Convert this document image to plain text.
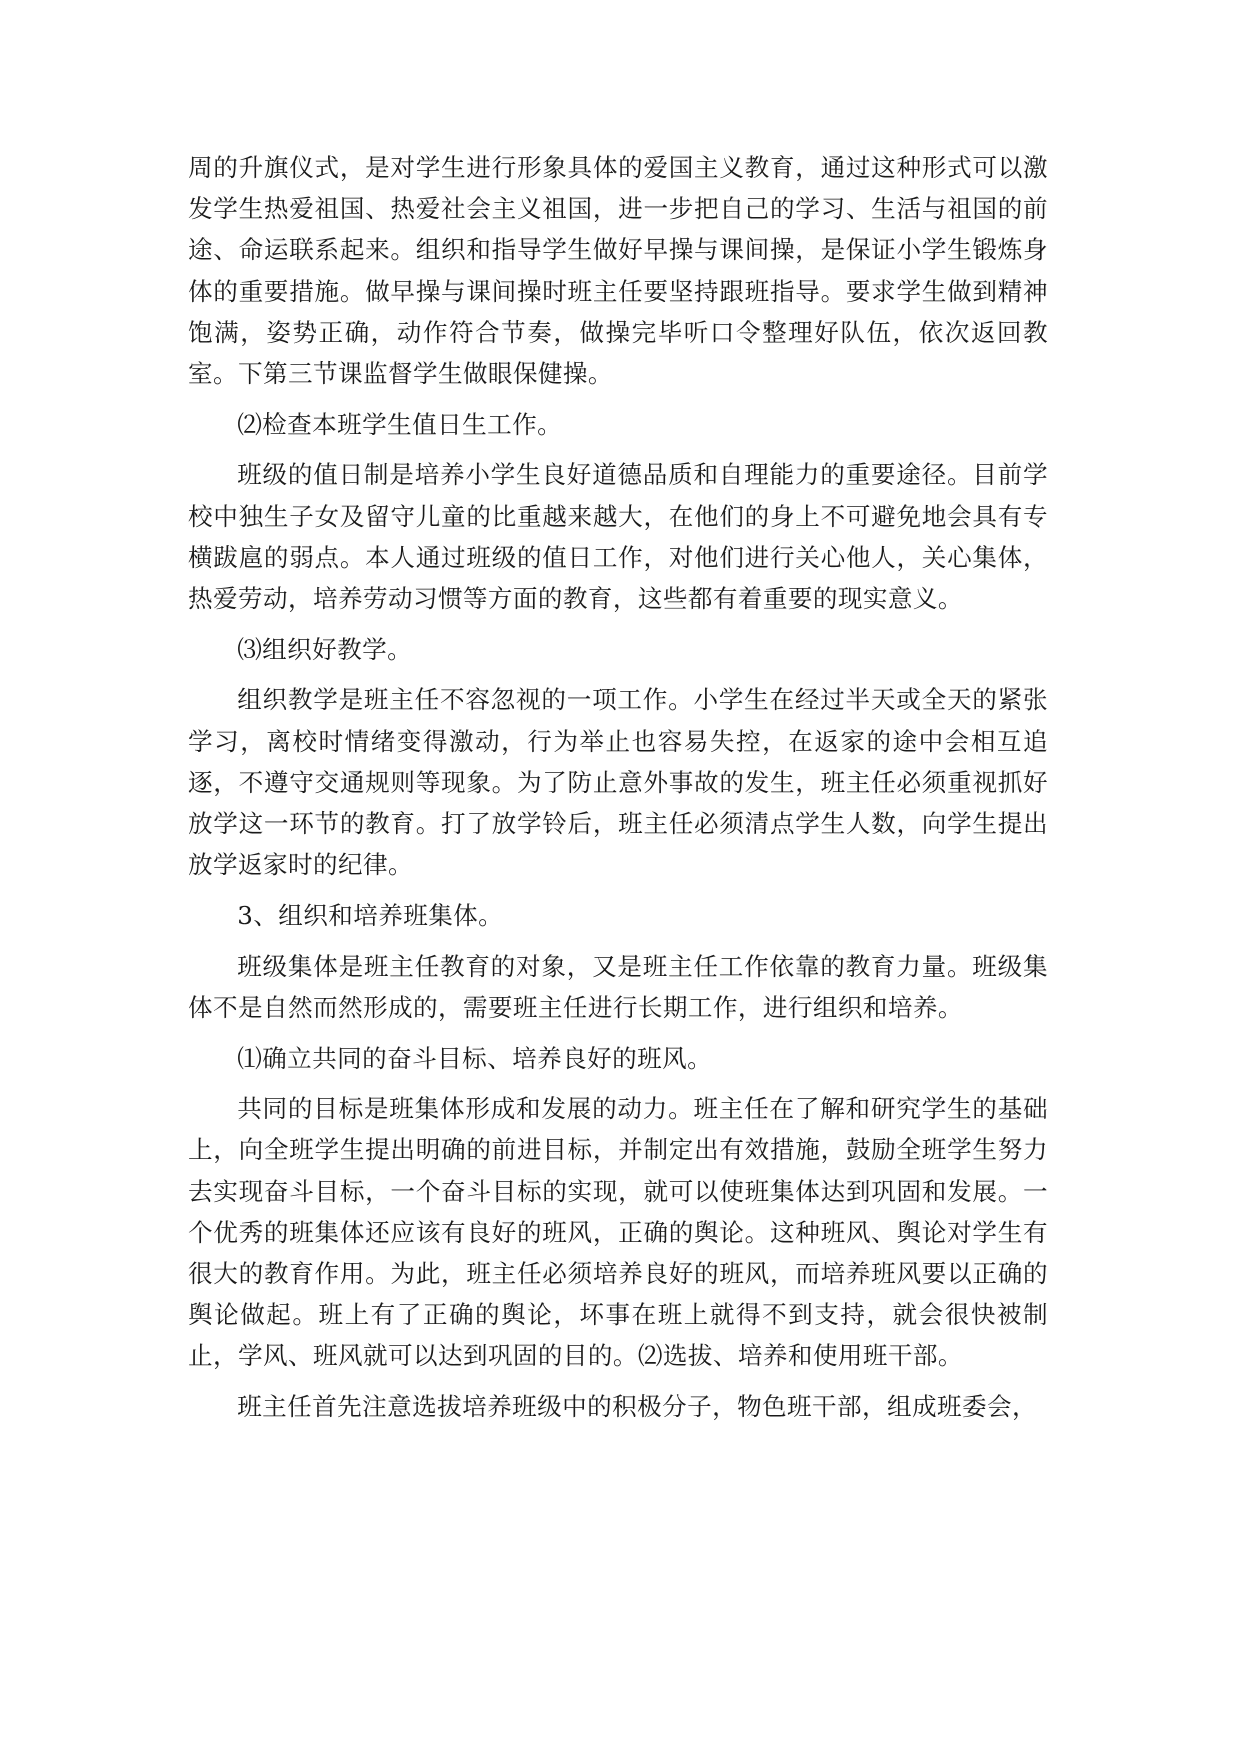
周的升旗仪式，是对学生进行形象具体的爱国主义教育，通过这种形式可以激发学生热爱祖国、热爱社会主义祖国，进一步把自己的学习、生活与祖国的前途、命运联系起来。组织和指导学生做好早操与课间操，是保证小学生锻炼身体的重要措施。做早操与课间操时班主任要坚持跟班指导。要求学生做到精神饱满，姿势正确，动作符合节奏，做操完毕听口令整理好队伍，依次返回教室。下第三节课监督学生做眼保健操。

⑵检查本班学生值日生工作。

班级的值日制是培养小学生良好道德品质和自理能力的重要途径。目前学校中独生子女及留守儿童的比重越来越大，在他们的身上不可避免地会具有专横跋扈的弱点。本人通过班级的值日工作，对他们进行关心他人，关心集体，热爱劳动，培养劳动习惯等方面的教育，这些都有着重要的现实意义。

⑶组织好教学。

组织教学是班主任不容忽视的一项工作。小学生在经过半天或全天的紧张学习，离校时情绪变得激动，行为举止也容易失控，在返家的途中会相互追逐，不遵守交通规则等现象。为了防止意外事故的发生，班主任必须重视抓好放学这一环节的教育。打了放学铃后，班主任必须清点学生人数，向学生提出放学返家时的纪律。

3、组织和培养班集体。

班级集体是班主任教育的对象，又是班主任工作依靠的教育力量。班级集体不是自然而然形成的，需要班主任进行长期工作，进行组织和培养。

⑴确立共同的奋斗目标、培养良好的班风。

共同的目标是班集体形成和发展的动力。班主任在了解和研究学生的基础上，向全班学生提出明确的前进目标，并制定出有效措施，鼓励全班学生努力去实现奋斗目标，一个奋斗目标的实现，就可以使班集体达到巩固和发展。一个优秀的班集体还应该有良好的班风，正确的舆论。这种班风、舆论对学生有很大的教育作用。为此，班主任必须培养良好的班风，而培养班风要以正确的舆论做起。班上有了正确的舆论，坏事在班上就得不到支持，就会很快被制止，学风、班风就可以达到巩固的目的。⑵选拔、培养和使用班干部。

班主任首先注意选拔培养班级中的积极分子，物色班干部，组成班委会，
